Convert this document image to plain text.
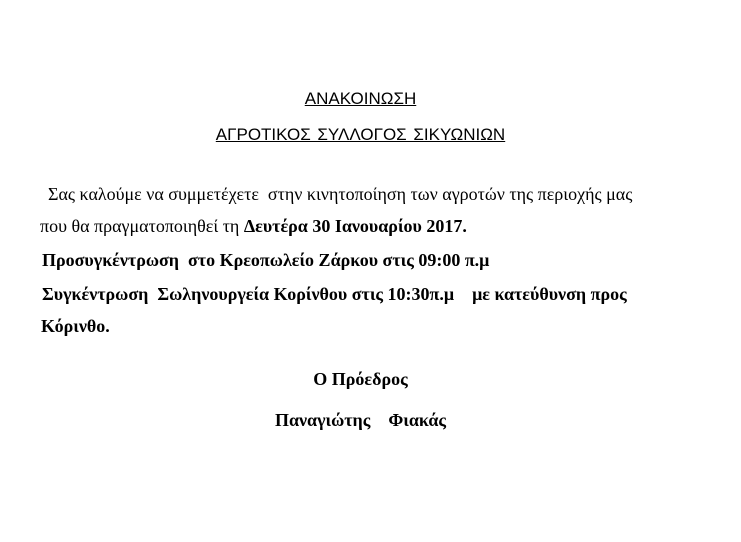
ΑΝΑΚΟΙΝΩΣΗ
ΑΓΡΟΤΙΚΟΣ ΣΥΛΛΟΓΟΣ ΣΙΚΥΩΝΙΩΝ
Σας καλούμε να συμμετέχετε  στην κινητοποίηση των αγροτών της περιοχής μας
που θα πραγματοποιηθεί τη Δευτέρα 30 Ιανουαρίου 2017.
Προσυγκέντρωση  στο Κρεοπωλείο Ζάρκου στις 09:00 π.μ
Συγκέντρωση  Σωληνουργεία Κορίνθου στις 10:30π.μ    με κατεύθυνση προς
Κόρινθο.
Ο Πρόεδρος
Παναγιώτης    Φιακάς
